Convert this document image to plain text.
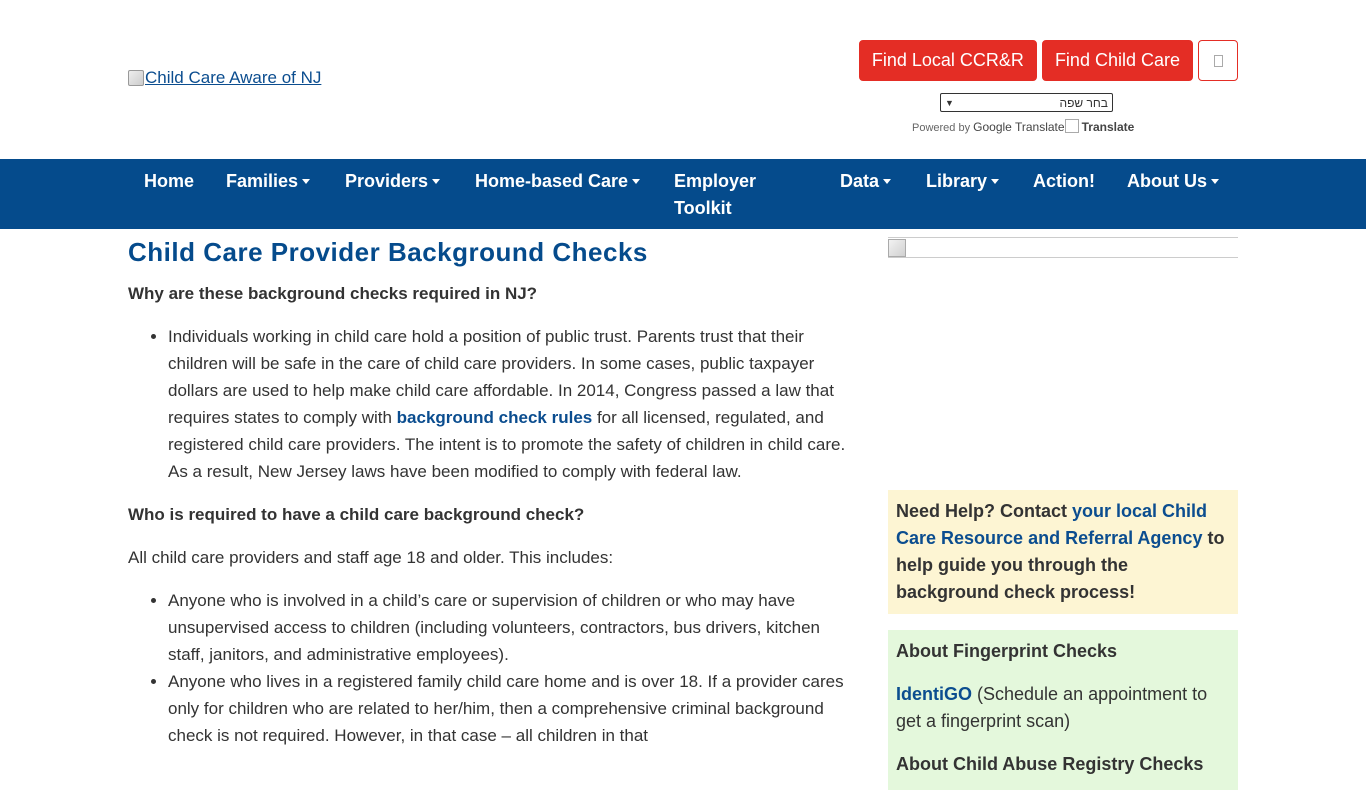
Child Care Aware of NJ
Find Local CCR&R	Find Child Care
בחר שפה
▼
Powered by Google Translate Translate
Home Families	Providers	Home-based Care	Employer
Toolkit
Data	Library	Action! About Us
Child Care Provider Background Checks
Why are these background checks required in NJ?
• Individuals working in child care hold a position of public trust. Parents trust that their children will be safe in the care of child care providers. In some cases, public taxpayer dollars are used to help make child care affordable. In 2014, Congress passed a law that requires states to comply with background check rules for all licensed, regulated, and registered child care providers. The intent is to promote the safety of children in child care. As a result, New Jersey laws have been modified to comply with federal law.
Who is required to have a child care background check?
All child care providers and staff age 18 and older. This includes:
• Anyone who is involved in a child’s care or supervision of children or who may have unsupervised access to children (including volunteers, contractors, bus drivers, kitchen staff, janitors, and administrative employees).
• Anyone who lives in a registered family child care home and is over 18. If a provider cares only for children who are related to her/him, then a comprehensive criminal background check is not required. However, in that case – all children in that
Need Help? Contact your local Child Care Resource and Referral Agency to help guide you through the background check process!
About Fingerprint Checks
IdentiGO (Schedule an appointment to get a fingerprint scan)
About Child Abuse Registry Checks
